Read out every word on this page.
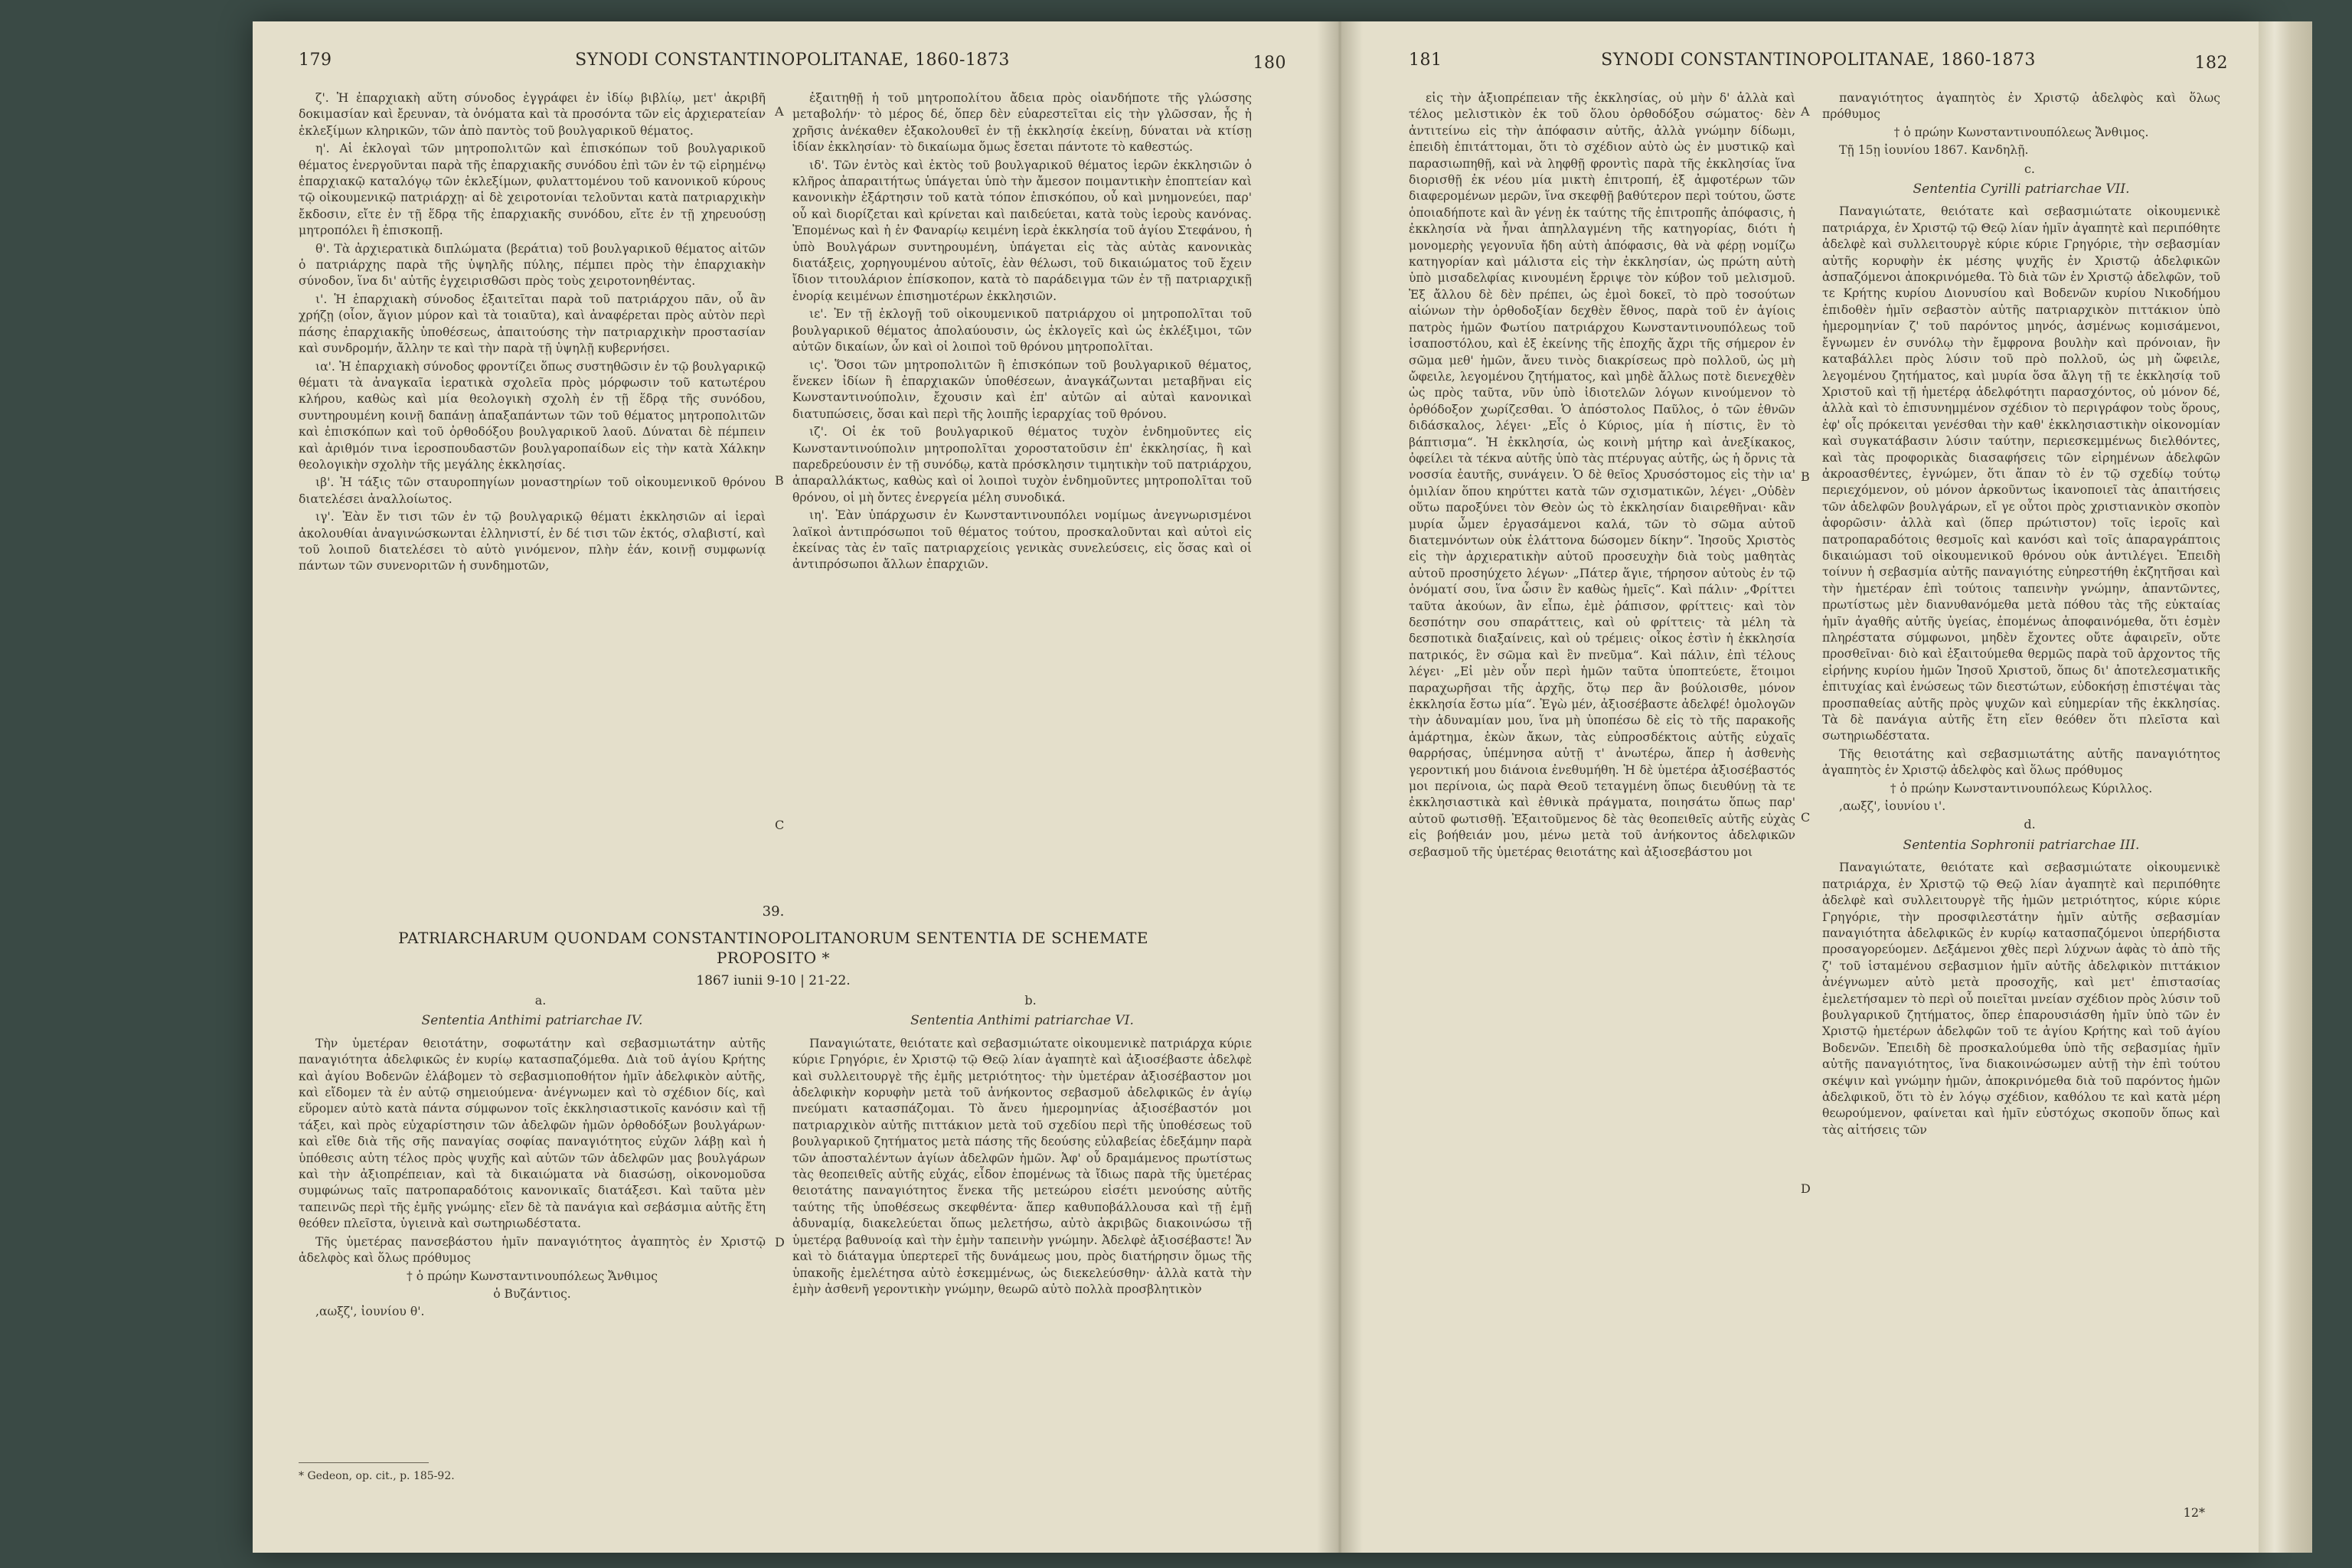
179	SYNODI CONSTANTINOPOLITANAE, 1860-1873	180

ζ'. Ἡ ἐπαρχιακὴ αὕτη σύνοδος ἐγγράφει ἐν ἰδίῳ βιβλίῳ, μετ' ἀκριβῆ δοκιμασίαν καὶ ἔρευναν, τὰ ὀνόματα καὶ τὰ προσόντα τῶν εἰς ἀρχιερατείαν ἐκλεξίμων κληρικῶν, τῶν ἀπὸ παντὸς τοῦ βουλγαρικοῦ θέματος.

η'. Αἱ ἐκλογαὶ τῶν μητροπολιτῶν καὶ ἐπισκόπων τοῦ βουλγαρικοῦ θέματος ἐνεργοῦνται παρὰ τῆς ἐπαρχιακῆς συνόδου ἐπὶ τῶν ἐν τῷ εἰρημένῳ ἐπαρχιακῷ καταλόγῳ τῶν ἐκλεξίμων, φυλαττομένου τοῦ κανονικοῦ κύρους τῷ οἰκουμενικῷ πατριάρχῃ· αἱ δὲ χειροτονίαι τελοῦνται κατὰ πατριαρχικὴν ἔκδοσιν, εἴτε ἐν τῇ ἕδρᾳ τῆς ἐπαρχιακῆς συνόδου, εἴτε ἐν τῇ χηρευούσῃ μητροπόλει ἢ ἐπισκοπῇ.

θ'. Τὰ ἀρχιερατικὰ διπλώματα (βεράτια) τοῦ βουλγαρικοῦ θέματος αἰτῶν ὁ πατριάρχης παρὰ τῆς ὑψηλῆς πύλης, πέμπει πρὸς τὴν ἐπαρχιακὴν σύνοδον, ἵνα δι' αὐτῆς ἐγχειρισθῶσι πρὸς τοὺς χειροτονηθέντας.

ι'. Ἡ ἐπαρχιακὴ σύνοδος ἐξαιτεῖται παρὰ τοῦ πατριάρχου πᾶν, οὗ ἂν χρήζῃ (οἷον, ἅγιον μύρον καὶ τὰ τοιαῦτα), καὶ ἀναφέρεται πρὸς αὐτὸν περὶ πάσης ἐπαρχιακῆς ὑποθέσεως, ἀπαιτούσης τὴν πατριαρχικὴν προστασίαν καὶ συνδρομήν, ἄλλην τε καὶ τὴν παρὰ τῇ ὑψηλῇ κυβερνήσει.

ια'. Ἡ ἐπαρχιακὴ σύνοδος φροντίζει ὅπως συστηθῶσιν ἐν τῷ βουλγαρικῷ θέματι τὰ ἀναγκαῖα ἱερατικὰ σχολεῖα πρὸς μόρφωσιν τοῦ κατωτέρου κλήρου, καθὼς καὶ μία θεολογικὴ σχολὴ ἐν τῇ ἕδρᾳ τῆς συνόδου, συντηρουμένη κοινῇ δαπάνῃ ἁπαξαπάντων τῶν τοῦ θέματος μητροπολιτῶν καὶ ἐπισκόπων καὶ τοῦ ὀρθοδόξου βουλγαρικοῦ λαοῦ. Δύναται δὲ πέμπειν καὶ ἀριθμόν τινα ἱεροσπουδαστῶν βουλγαροπαίδων εἰς τὴν κατὰ Χάλκην θεολογικὴν σχολὴν τῆς μεγάλης ἐκκλησίας.

ιβ'. Ἡ τάξις τῶν σταυροπηγίων μοναστηρίων τοῦ οἰκουμενικοῦ θρόνου διατελέσει ἀναλλοίωτος.

ιγ'. Ἐὰν ἔν τισι τῶν ἐν τῷ βουλγαρικῷ θέματι ἐκκλησιῶν αἱ ἱεραὶ ἀκολουθίαι ἀναγινώσκωνται ἑλληνιστί, ἐν δέ τισι τῶν ἐκτός, σλαβιστί, καὶ τοῦ λοιποῦ διατελέσει τὸ αὐτὸ γινόμενον, πλὴν ἐάν, κοινῇ συμφωνίᾳ πάντων τῶν συνενοριτῶν ἡ συνδημοτῶν,

ἐξαιτηθῇ ἡ τοῦ μητροπολίτου ἄδεια πρὸς οἰανδήποτε τῆς γλώσσης μεταβολήν· τὸ μέρος δέ, ὅπερ δὲν εὐαρεστεῖται εἰς τὴν γλῶσσαν, ἧς ἡ χρῆσις ἀνέκαθεν ἐξακολουθεῖ ἐν τῇ ἐκκλησίᾳ ἐκείνῃ, δύναται νὰ κτίσῃ ἰδίαν ἐκκλησίαν· τὸ δικαίωμα ὅμως ἔσεται πάντοτε τὸ καθεστώς.

ιδ'. Τῶν ἐντὸς καὶ ἐκτὸς τοῦ βουλγαρικοῦ θέματος ἱερῶν ἐκκλησιῶν ὁ κλῆρος ἀπαραιτήτως ὑπάγεται ὑπὸ τὴν ἄμεσον ποιμαντικὴν ἐποπτείαν καὶ κανονικὴν ἐξάρτησιν τοῦ κατὰ τόπον ἐπισκόπου, οὗ καὶ μνημονεύει, παρ' οὗ καὶ διορίζεται καὶ κρίνεται καὶ παιδεύεται, κατὰ τοὺς ἱεροὺς κανόνας. Ἐπομένως καὶ ἡ ἐν Φαναρίῳ κειμένη ἱερὰ ἐκκλησία τοῦ ἁγίου Στεφάνου, ἡ ὑπὸ Βουλγάρων συντηρουμένη, ὑπάγεται εἰς τὰς αὐτὰς κανονικὰς διατάξεις, χορηγουμένου αὐτοῖς, ἐὰν θέλωσι, τοῦ δικαιώματος τοῦ ἔχειν ἴδιον τιτουλάριον ἐπίσκοπον, κατὰ τὸ παράδειγμα τῶν ἐν τῇ πατριαρχικῇ ἐνορίᾳ κειμένων ἐπισημοτέρων ἐκκλησιῶν.

ιε'. Ἐν τῇ ἐκλογῇ τοῦ οἰκουμενικοῦ πατριάρχου οἱ μητροπολῖται τοῦ βουλγαρικοῦ θέματος ἀπολαύουσιν, ὡς ἐκλογεῖς καὶ ὡς ἐκλέξιμοι, τῶν αὐτῶν δικαίων, ὧν καὶ οἱ λοιποὶ τοῦ θρόνου μητροπολῖται.

ις'. Ὅσοι τῶν μητροπολιτῶν ἢ ἐπισκόπων τοῦ βουλγαρικοῦ θέματος, ἕνεκεν ἰδίων ἢ ἐπαρχιακῶν ὑποθέσεων, ἀναγκάζωνται μεταβῆναι εἰς Κωνσταντινούπολιν, ἔχουσιν καὶ ἐπ' αὐτῶν αἱ αὐταὶ κανονικαὶ διατυπώσεις, ὅσαι καὶ περὶ τῆς λοιπῆς ἱεραρχίας τοῦ θρόνου.

ιζ'. Οἱ ἐκ τοῦ βουλγαρικοῦ θέματος τυχὸν ἐνδημοῦντες εἰς Κωνσταντινούπολιν μητροπολῖται χοροστατοῦσιν ἐπ' ἐκκλησίας, ἢ καὶ παρεδρεύουσιν ἐν τῇ συνόδῳ, κατὰ πρόσκλησιν τιμητικὴν τοῦ πατριάρχου, ἀπαραλλάκτως, καθὼς καὶ οἱ λοιποὶ τυχὸν ἐνδημοῦντες μητροπολῖται τοῦ θρόνου, οἱ μὴ ὄντες ἐνεργεία μέλη συνοδικά.

ιη'. Ἐὰν ὑπάρχωσιν ἐν Κωνσταντινουπόλει νομίμως ἀνεγνωρισμένοι λαϊκοὶ ἀντιπρόσωποι τοῦ θέματος τούτου, προσκαλοῦνται καὶ αὐτοὶ εἰς ἐκείνας τὰς ἐν ταῖς πατριαρχείοις γενικὰς συνελεύσεις, εἰς ὅσας καὶ οἱ ἀντιπρόσωποι ἄλλων ἐπαρχιῶν.

A
B
C
D
39.
PATRIARCHARUM QUONDAM CONSTANTINOPOLITANORUM SENTENTIA DE SCHEMATE
PROPOSITO *
1867 iunii 9-10 | 21-22.

a.

Sententia Anthimi patriarchae IV.

Τὴν ὑμετέραν θειοτάτην, σοφωτάτην καὶ σεβασμιωτάτην αὐτῆς παναγιότητα ἀδελφικῶς ἐν κυρίῳ κατασπαζόμεθα. Διὰ τοῦ ἁγίου Κρήτης καὶ ἁγίου Βοδενῶν ἐλάβομεν τὸ σεβασμιοποθήτον ἡμῖν ἀδελφικὸν αὐτῆς, καὶ εἴδομεν τὰ ἐν αὐτῷ σημειούμενα· ἀνέγνωμεν καὶ τὸ σχέδιον δίς, καὶ εὕρομεν αὐτὸ κατὰ πάντα σύμφωνον τοῖς ἐκκλησιαστικοῖς κανόσιν καὶ τῇ τάξει, καὶ πρὸς εὐχαρίστησιν τῶν ἀδελφῶν ἡμῶν ὀρθοδόξων βουλγάρων· καὶ εἴθε διὰ τῆς σῆς παναγίας σοφίας παναγιότητος εὐχῶν λάβῃ καὶ ἡ ὑπόθεσις αὐτη τέλος πρὸς ψυχῆς καὶ αὐτῶν τῶν ἀδελφῶν μας βουλγάρων καὶ τὴν ἀξιοπρέπειαν, καὶ τὰ δικαιώματα νὰ διασώσῃ, οἰκονομοῦσα συμφώνως ταῖς πατροπαραδότοις κανονικαῖς διατάξεσι. Καὶ ταῦτα μὲν ταπεινῶς περὶ τῆς ἐμῆς γνώμης· εἴεν δὲ τὰ πανάγια καὶ σεβάσμια αὐτῆς ἔτη θεόθεν πλεῖστα, ὑγιεινὰ καὶ σωτηριωδέστατα.

Τῆς ὑμετέρας πανσεβάστου ἡμῖν παναγιότητος ἀγαπητὸς ἐν Χριστῷ ἀδελφὸς καὶ ὅλως πρόθυμος

† ὁ πρώην Κωνσταντινουπόλεως Ἄνθιμος

ὁ Βυζάντιος.

,αωξζ', ἰουνίου θ'.

b.

Sententia Anthimi patriarchae VI.

Παναγιώτατε, θειότατε καὶ σεβασμιώτατε οἰκουμενικὲ πατριάρχα κύριε κύριε Γρηγόριε, ἐν Χριστῷ τῷ Θεῷ λίαν ἀγαπητὲ καὶ ἀξιοσέβαστε ἀδελφὲ καὶ συλλειτουργὲ τῆς ἐμῆς μετριότητος· τὴν ὑμετέραν ἀξιοσέβαστον μοι ἀδελφικὴν κορυφὴν μετὰ τοῦ ἀνήκοντος σεβασμοῦ ἀδελφικῶς ἐν ἁγίῳ πνεύματι κατασπάζομαι. Τὸ ἄνευ ἡμερομηνίας ἀξιοσέβαστόν μοι πατριαρχικὸν αὐτῆς πιττάκιον μετὰ τοῦ σχεδίου περὶ τῆς ὑποθέσεως τοῦ βουλγαρικοῦ ζητήματος μετὰ πάσης τῆς δεούσης εὐλαβείας ἐδεξάμην παρὰ τῶν ἀποσταλέντων ἁγίων ἀδελφῶν ἡμῶν. Ἀφ' οὗ δραμάμενος πρωτίστως τὰς θεοπειθεῖς αὐτῆς εὐχάς, εἶδον ἐπομένως τὰ ἴδιως παρὰ τῆς ὑμετέρας θειοτάτης παναγιότητος ἕνεκα τῆς μετεώρου εἰσέτι μενούσης αὐτῆς ταύτης τῆς ὑποθέσεως σκεφθέντα· ἅπερ καθυποβάλλουσα καὶ τῇ ἐμῇ ἀδυναμίᾳ, διακελεύεται ὅπως μελετήσω, αὐτὸ ἀκριβῶς διακοινώσω τῇ ὑμετέρᾳ βαθυνοίᾳ καὶ τὴν ἐμὴν ταπεινὴν γνώμην. Ἀδελφὲ ἀξιοσέβαστε! Ἄν καὶ τὸ διάταγμα ὑπερτερεῖ τῆς δυνάμεως μου, πρὸς διατήρησιν ὅμως τῆς ὑπακοῆς ἐμελέτησα αὐτὸ ἐσκεμμένως, ὡς διεκελεύσθην· ἀλλὰ κατὰ τὴν ἐμὴν ἀσθενῆ γεροντικὴν γνώμην, θεωρῶ αὐτὸ πολλὰ προσβλητικὸν

* Gedeon, op. cit., p. 185-92.
181	SYNODI CONSTANTINOPOLITANAE, 1860-1873	182

εἰς τὴν ἀξιοπρέπειαν τῆς ἐκκλησίας, οὐ μὴν δ' ἀλλὰ καὶ τέλος μελιστικὸν ἐκ τοῦ ὅλου ὀρθοδόξου σώματος· δὲν ἀντιτείνω εἰς τὴν ἀπόφασιν αὐτῆς, ἀλλὰ γνώμην δίδωμι, ἐπειδὴ ἐπιτάττομαι, ὅτι τὸ σχέδιον αὐτὸ ὡς ἐν μυστικῷ καὶ παρασιωπηθῇ, καὶ νὰ ληφθῇ φροντὶς παρὰ τῆς ἐκκλησίας ἵνα διορισθῇ ἐκ νέου μία μικτὴ ἐπιτροπή, ἐξ ἀμφοτέρων τῶν διαφερομένων μερῶν, ἵνα σκεφθῇ βαθύτερον περὶ τούτου, ὥστε ὁποιαδήποτε καὶ ἂν γένῃ ἐκ ταύτης τῆς ἐπιτροπῆς ἀπόφασις, ἡ ἐκκλησία νὰ ἦναι ἀπηλλαγμένη τῆς κατηγορίας, διότι ἡ μονομερὴς γεγονυῖα ἤδη αὐτὴ ἀπόφασις, θὰ νὰ φέρῃ νομίζω κατηγορίαν καὶ μάλιστα εἰς τὴν ἐκκλησίαν, ὡς πρώτη αὐτὴ ὑπὸ μισαδελφίας κινουμένη ἔρριψε τὸν κύβον τοῦ μελισμοῦ. Ἐξ ἄλλου δὲ δὲν πρέπει, ὡς ἐμοὶ δοκεῖ, τὸ πρὸ τοσούτων αἰώνων τὴν ὀρθοδοξίαν δεχθὲν ἔθνος, παρὰ τοῦ ἐν ἁγίοις πατρὸς ἡμῶν Φωτίου πατριάρχου Κωνσταντινουπόλεως τοῦ ἰσαποστόλου, καὶ ἐξ ἐκείνης τῆς ἐποχῆς ἄχρι τῆς σήμερον ἐν σῶμα μεθ' ἡμῶν, ἄνευ τινὸς διακρίσεως πρὸ πολλοῦ, ὡς μὴ ὤφειλε, λεγομένου ζητήματος, καὶ μηδὲ ἄλλως ποτὲ διενεχθὲν ὡς πρὸς ταῦτα, νῦν ὑπὸ ἰδιοτελῶν λόγων κινούμενον τὸ ὀρθόδοξον χωρίζεσθαι. Ὁ ἀπόστολος Παῦλος, ὁ τῶν ἐθνῶν διδάσκαλος, λέγει· „Εἷς ὁ Κύριος, μία ἡ πίστις, ἓν τὸ βάπτισμα“. Ἡ ἐκκλησία, ὡς κοινὴ μήτηρ καὶ ἀνεξίκακος, ὀφείλει τὰ τέκνα αὐτῆς ὑπὸ τὰς πτέρυγας αὐτῆς, ὡς ἡ ὄρνις τὰ νοσσία ἑαυτῆς, συνάγειν. Ὁ δὲ θεῖος Χρυσόστομος εἰς τὴν ια' ὁμιλίαν ὅπου κηρύττει κατὰ τῶν σχισματικῶν, λέγει· „Οὐδὲν οὕτω παροξύνει τὸν Θεὸν ὡς τὸ ἐκκλησίαν διαιρεθῆναι· κἂν μυρία ὦμεν ἐργασάμενοι καλά, τῶν τὸ σῶμα αὐτοῦ διατεμνόντων οὐκ ἐλάττονα δώσομεν δίκην“. Ἰησοῦς Χριστὸς εἰς τὴν ἀρχιερατικὴν αὐτοῦ προσευχὴν διὰ τοὺς μαθητὰς αὐτοῦ προσηύχετο λέγων· „Πάτερ ἅγιε, τήρησον αὐτοὺς ἐν τῷ ὀνόματί σου, ἵνα ὦσιν ἓν καθὼς ἡμεῖς“. Καὶ πάλιν· „Φρίττει ταῦτα ἀκούων, ἂν εἶπω, ἐμὲ ῥάπισον, φρίττεις· καὶ τὸν δεσπότην σου σπαράττεις, καὶ οὐ φρίττεις· τὰ μέλη τὰ δεσποτικὰ διαξαίνεις, καὶ οὐ τρέμεις· οἶκος ἐστὶν ἡ ἐκκλησία πατρικός, ἓν σῶμα καὶ ἓν πνεῦμα“. Καὶ πάλιν, ἐπὶ τέλους λέγει· „Εἰ μὲν οὖν περὶ ἡμῶν ταῦτα ὑποπτεύετε, ἕτοιμοι παραχωρῆσαι τῆς ἀρχῆς, ὅτῳ περ ἂν βούλοισθε, μόνον ἐκκλησία ἔστω μία“. Ἐγὼ μέν, ἀξιοσέβαστε ἀδελφέ! ὁμολογῶν τὴν ἀδυναμίαν μου, ἵνα μὴ ὑποπέσω δὲ εἰς τὸ τῆς παρακοῆς ἁμάρτημα, ἑκὼν ἄκων, τὰς εὐπροσδέκτοις αὐτῆς εὐχαῖς θαρρήσας, ὑπέμνησα αὐτῇ τ' ἀνωτέρω, ἅπερ ἡ ἀσθενὴς γεροντική μου διάνοια ἐνεθυμήθη. Ἡ δὲ ὑμετέρα ἀξιοσέβαστός μοι περίνοια, ὡς παρὰ Θεοῦ τεταγμένη ὅπως διευθύνῃ τὰ τε ἐκκλησιαστικὰ καὶ ἐθνικὰ πράγματα, ποιησάτω ὅπως παρ' αὐτοῦ φωτισθῇ. Ἐξαιτοῦμενος δὲ τὰς θεοπειθεῖς αὐτῆς εὐχὰς εἰς βοήθειάν μου, μένω μετὰ τοῦ ἀνήκοντος ἀδελφικῶν σεβασμοῦ τῆς ὑμετέρας θειοτάτης καὶ ἀξιοσεβάστου μοι

A
B
C
D

παναγιότητος ἀγαπητὸς ἐν Χριστῷ ἀδελφὸς καὶ ὅλως πρόθυμος

† ὁ πρώην Κωνσταντινουπόλεως Ἄνθιμος.

Τῇ 15ῃ ἰουνίου 1867. Κανδηλῇ.

c.

Sententia Cyrilli patriarchae VII.

Παναγιώτατε, θειότατε καὶ σεβασμιώτατε οἰκουμενικὲ πατριάρχα, ἐν Χριστῷ τῷ Θεῷ λίαν ἡμῖν ἀγαπητὲ καὶ περιπόθητε ἀδελφὲ καὶ συλλειτουργὲ κύριε κύριε Γρηγόριε, τὴν σεβασμίαν αὐτῆς κορυφὴν ἐκ μέσης ψυχῆς ἐν Χριστῷ ἀδελφικῶν ἀσπαζόμενοι ἀποκρινόμεθα. Τὸ διὰ τῶν ἐν Χριστῷ ἀδελφῶν, τοῦ τε Κρήτης κυρίου Διονυσίου καὶ Βοδενῶν κυρίου Νικοδήμου ἐπιδοθὲν ἡμῖν σεβαστὸν αὐτῆς πατριαρχικὸν πιττάκιον ὑπὸ ἡμερομηνίαν ζ' τοῦ παρόντος μηνός, ἀσμένως κομισάμενοι, ἔγνωμεν ἐν συνόλῳ τὴν ἔμφρονα βουλὴν καὶ πρόνοιαν, ἣν καταβάλλει πρὸς λύσιν τοῦ πρὸ πολλοῦ, ὡς μὴ ὤφειλε, λεγομένου ζητήματος, καὶ μυρία ὅσα ἄλγη τῇ τε ἐκκλησίᾳ τοῦ Χριστοῦ καὶ τῇ ἡμετέρᾳ ἀδελφότητι παρασχόντος, οὐ μόνον δέ, ἀλλὰ καὶ τὸ ἐπισυνημμένον σχέδιον τὸ περιγράφον τοὺς ὅρους, ἐφ' οἷς πρόκειται γενέσθαι τὴν καθ' ἐκκλησιαστικὴν οἰκονομίαν καὶ συγκατάβασιν λύσιν ταύτην, περιεσκεμμένως διελθόντες, καὶ τὰς προφορικὰς διασαφήσεις τῶν εἰρημένων ἀδελφῶν ἀκροασθέντες, ἐγνώμεν, ὅτι ἅπαν τὸ ἐν τῷ σχεδίῳ τούτῳ περιεχόμενον, οὐ μόνον ἀρκοῦντως ἱκανοποιεῖ τὰς ἀπαιτήσεις τῶν ἀδελφῶν βουλγάρων, εἴ γε οὗτοι πρὸς χριστιανικὸν σκοπὸν ἀφορῶσιν· ἀλλὰ καὶ (ὅπερ πρώτιστον) τοῖς ἱεροῖς καὶ πατροπαραδότοις θεσμοῖς καὶ κανόσι καὶ τοῖς ἀπαραγράπτοις δικαιώμασι τοῦ οἰκουμενικοῦ θρόνου οὐκ ἀντιλέγει. Ἐπειδὴ τοίνυν ἡ σεβασμία αὐτῆς παναγιότης εὐηρεστήθη ἐκζητῆσαι καὶ τὴν ἡμετέραν ἐπὶ τούτοις ταπεινὴν γνώμην, ἀπαντῶντες, πρωτίστως μὲν διανυθανόμεθα μετὰ πόθου τὰς τῆς εὐκταίας ἡμῖν ἀγαθῆς αὐτῆς ὑγείας, ἐπομένως ἀποφαινόμεθα, ὅτι ἐσμὲν πληρέστατα σύμφωνοι, μηδὲν ἔχοντες οὔτε ἀφαιρεῖν, οὔτε προσθεῖναι· διὸ καὶ ἐξαιτούμεθα θερμῶς παρὰ τοῦ ἀρχοντος τῆς εἰρήνης κυρίου ἡμῶν Ἰησοῦ Χριστοῦ, ὅπως δι' ἀποτελεσματικῆς ἐπιτυχίας καὶ ἐνώσεως τῶν διεστώτων, εὐδοκήσῃ ἐπιστέψαι τὰς προσπαθείας αὐτῆς πρὸς ψυχῶν καὶ εὐημερίαν τῆς ἐκκλησίας. Τὰ δὲ πανάγια αὐτῆς ἔτη εἴεν θεόθεν ὅτι πλεῖστα καὶ σωτηριωδέστατα.

Τῆς θειοτάτης καὶ σεβασμιωτάτης αὐτῆς παναγιότητος ἀγαπητὸς ἐν Χριστῷ ἀδελφὸς καὶ ὅλως πρόθυμος

† ὁ πρώην Κωνσταντινουπόλεως Κύριλλος.

,αωξζ', ἰουνίου ι'.

d.

Sententia Sophronii patriarchae III.

Παναγιώτατε, θειότατε καὶ σεβασμιώτατε οἰκουμενικὲ πατριάρχα, ἐν Χριστῷ τῷ Θεῷ λίαν ἀγαπητὲ καὶ περιπόθητε ἀδελφὲ καὶ συλλειτουργὲ τῆς ἡμῶν μετριότητος, κύριε κύριε Γρηγόριε, τὴν προσφιλεστάτην ἡμῖν αὐτῆς σεβασμίαν παναγιότητα ἀδελφικῶς ἐν κυρίῳ κατασπαζόμενοι ὑπερήδιστα προσαγορεύομεν. Δεξάμενοι χθὲς περὶ λύχνων ἁφὰς τὸ ἀπὸ τῆς ζ' τοῦ ἱσταμένου σεβασμιον ἡμῖν αὐτῆς ἀδελφικὸν πιττάκιον ἀνέγνωμεν αὐτὸ μετὰ προσοχῆς, καὶ μετ' ἐπιστασίας ἐμελετήσαμεν τὸ περὶ οὗ ποιεῖται μνείαν σχέδιον πρὸς λύσιν τοῦ βουλγαρικοῦ ζητήματος, ὅπερ ἐπαρουσιάσθη ἡμῖν ὑπὸ τῶν ἐν Χριστῷ ἡμετέρων ἀδελφῶν τοῦ τε ἁγίου Κρήτης καὶ τοῦ ἁγίου Βοδενῶν. Ἐπειδὴ δὲ προσκαλούμεθα ὑπὸ τῆς σεβασμίας ἡμῖν αὐτῆς παναγιότητος, ἵνα διακοινώσωμεν αὐτῇ τὴν ἐπὶ τούτου σκέψιν καὶ γνώμην ἡμῶν, ἀποκρινόμεθα διὰ τοῦ παρόντος ἡμῶν ἀδελφικοῦ, ὅτι τὸ ἐν λόγῳ σχέδιον, καθόλου τε καὶ κατὰ μέρη θεωρούμενον, φαίνεται καὶ ἡμῖν εὐστόχως σκοποῦν ὅπως καὶ τὰς αἰτήσεις τῶν

12*
